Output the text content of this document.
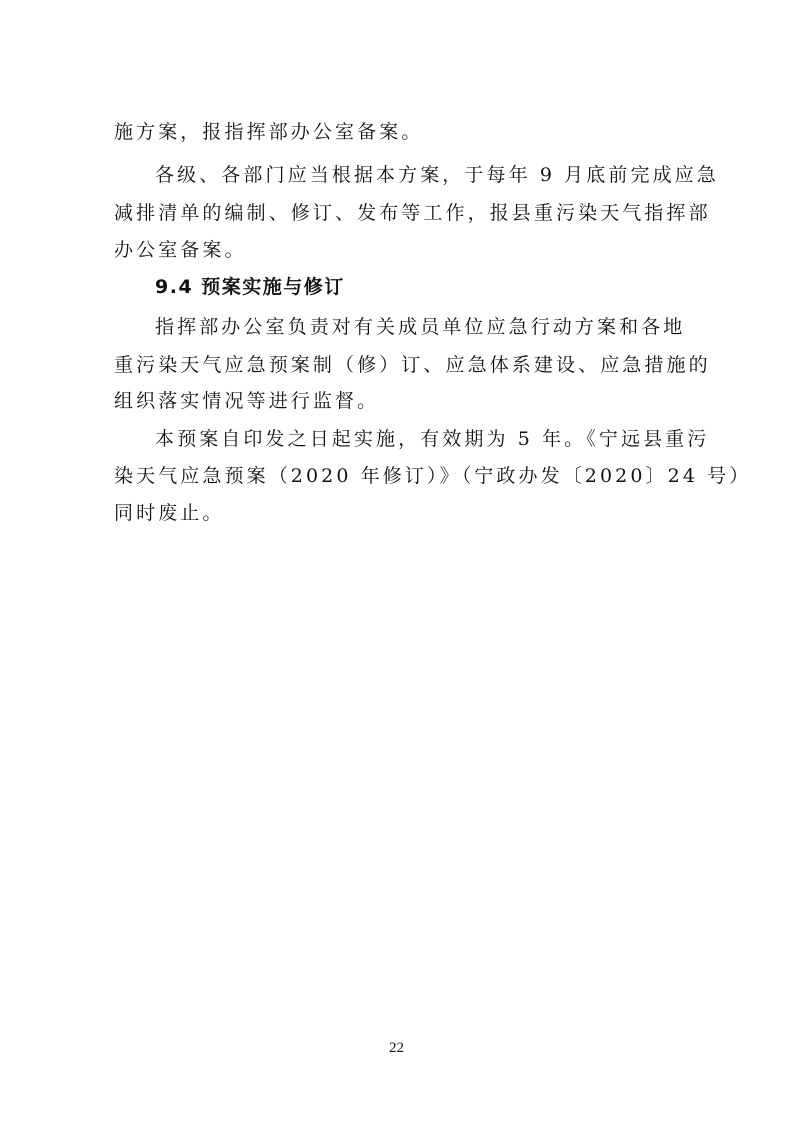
施方案，报指挥部办公室备案。
各级、各部门应当根据本方案，于每年 9 月底前完成应急
减排清单的编制、修订、发布等工作，报县重污染天气指挥部
办公室备案。
9.4 预案实施与修订
指挥部办公室负责对有关成员单位应急行动方案和各地
重污染天气应急预案制（修）订、应急体系建设、应急措施的
组织落实情况等进行监督。
本预案自印发之日起实施，有效期为 5 年。《宁远县重污
染天气应急预案（2020 年修订）》（宁政办发〔2020〕24 号）
同时废止。
22
